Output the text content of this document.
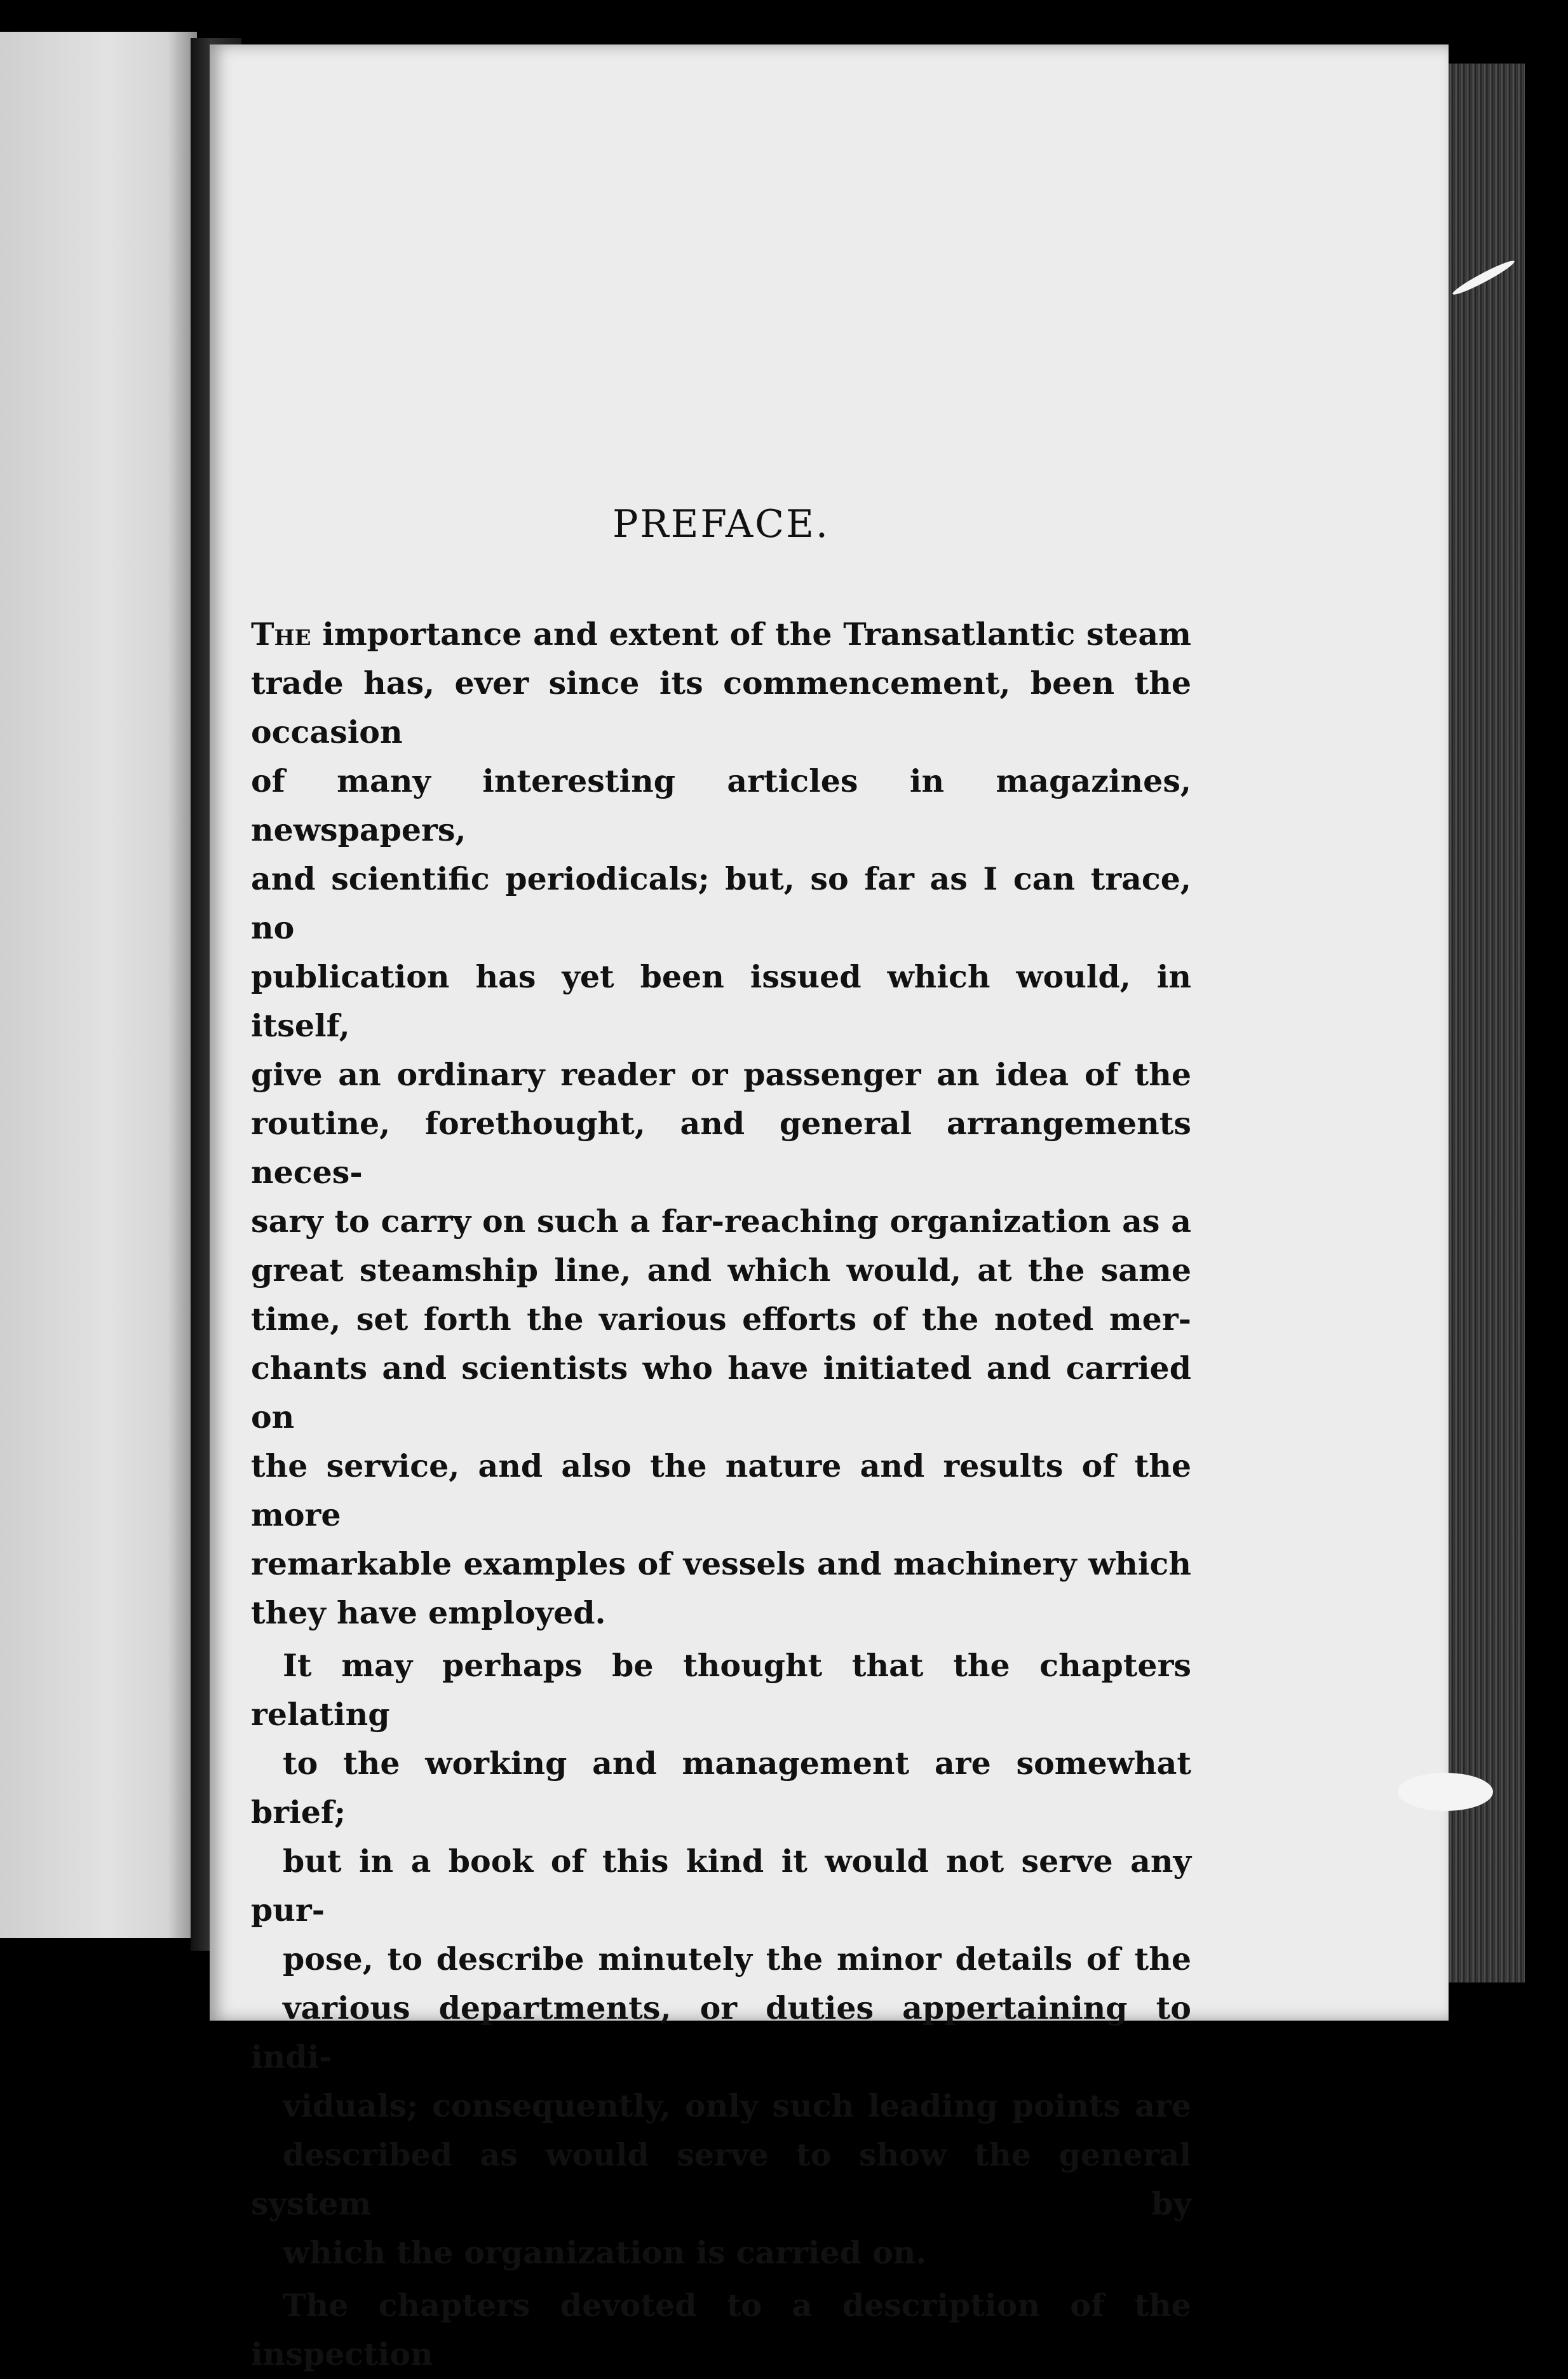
PREFACE.

The importance and extent of the Transatlantic steam
trade has, ever since its commencement, been the occasion
of many interesting articles in magazines, newspapers,
and scientific periodicals; but, so far as I can trace, no
publication has yet been issued which would, in itself,
give an ordinary reader or passenger an idea of the
routine, forethought, and general arrangements neces-
sary to carry on such a far-reaching organization as a
great steamship line, and which would, at the same
time, set forth the various efforts of the noted mer-
chants and scientists who have initiated and carried on
the service, and also the nature and results of the more
remarkable examples of vessels and machinery which
they have employed.

It may perhaps be thought that the chapters relating
to the working and management are somewhat brief;
but in a book of this kind it would not serve any pur-
pose, to describe minutely the minor details of the
various departments, or duties appertaining to indi-
viduals; consequently, only such leading points are
described as would serve to show the general system by
which the organization is carried on.

The chapters devoted to a description of the inspection
